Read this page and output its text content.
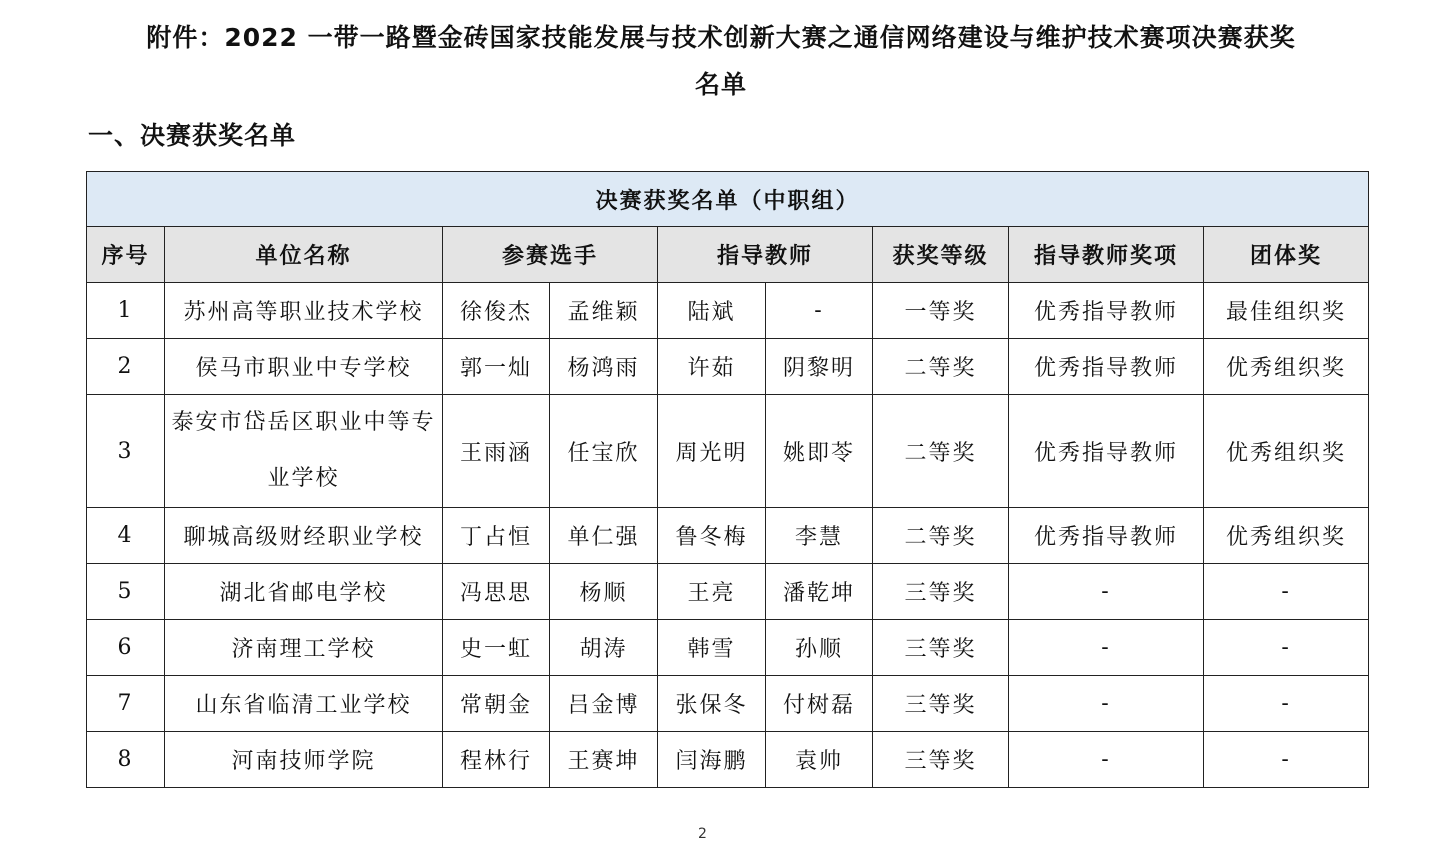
附件：2022 一带一路暨金砖国家技能发展与技术创新大赛之通信网络建设与维护技术赛项决赛获奖
名单
一、决赛获奖名单
决赛获奖名单（中职组）								
序号	单位名称	参赛选手		指导教师		获奖等级	指导教师奖项	团体奖
1	苏州高等职业技术学校	徐俊杰	孟维颖	陆斌	-	一等奖	优秀指导教师	最佳组织奖
2	侯马市职业中专学校	郭一灿	杨鸿雨	许茹	阴黎明	二等奖	优秀指导教师	优秀组织奖
3	泰安市岱岳区职业中等专业学校	王雨涵	任宝欣	周光明	姚即苓	二等奖	优秀指导教师	优秀组织奖
4	聊城高级财经职业学校	丁占恒	单仁强	鲁冬梅	李慧	二等奖	优秀指导教师	优秀组织奖
5	湖北省邮电学校	冯思思	杨顺	王亮	潘乾坤	三等奖	-	-
6	济南理工学校	史一虹	胡涛	韩雪	孙顺	三等奖	-	-
7	山东省临清工业学校	常朝金	吕金博	张保冬	付树磊	三等奖	-	-
8	河南技师学院	程林行	王赛坤	闫海鹏	袁帅	三等奖	-	-
2
